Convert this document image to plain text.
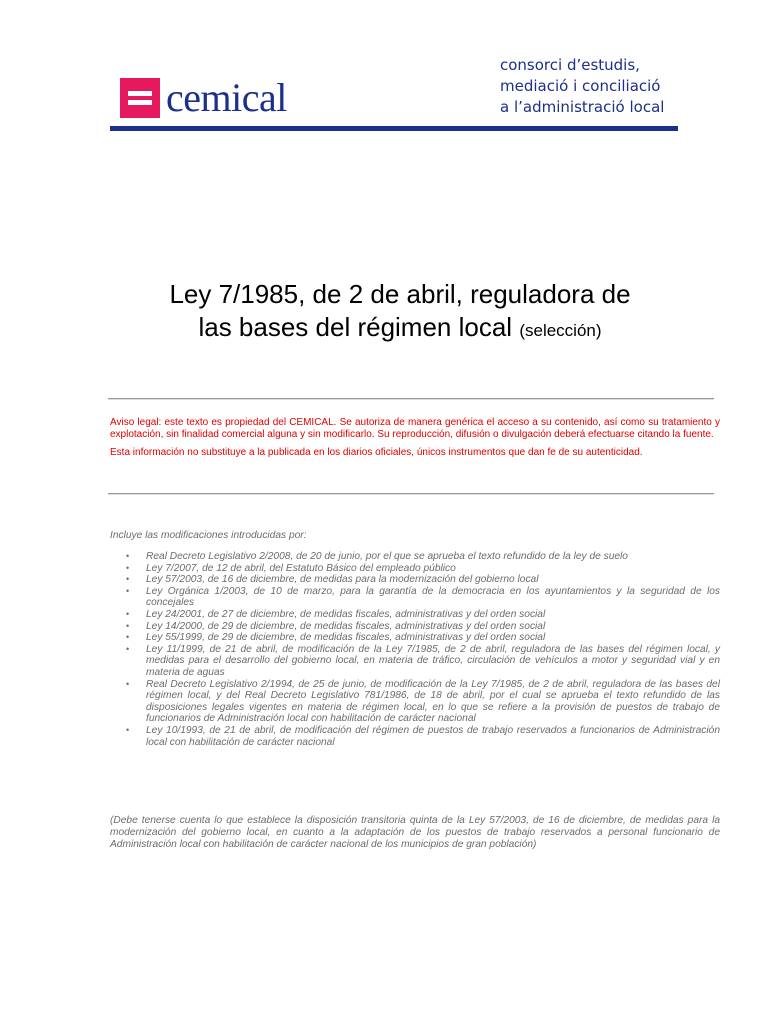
cemical
consorci d’estudis,
mediació i conciliació
a l’administració local
Ley 7/1985, de 2 de abril, reguladora de
las bases del régimen local (selección)

Aviso legal: este texto es propiedad del CEMICAL. Se autoriza de manera genérica el acceso a su contenido, así como su tratamiento y explotación, sin finalidad comercial alguna y sin modificarlo. Su reproducción, difusión o divulgación deberá efectuarse citando la fuente.

Esta información no substituye a la publicada en los diarios oficiales, únicos instrumentos que dan fe de su autenticidad.

Incluye las modificaciones introducidas por:
• Real Decreto Legislativo 2/2008, de 20 de junio, por el que se aprueba el texto refundido de la ley de suelo
• Ley 7/2007, de 12 de abril, del Estatuto Básico del empleado público
• Ley 57/2003, de 16 de diciembre, de medidas para la modernización del gobierno local
• Ley Orgánica 1/2003, de 10 de marzo, para la garantía de la democracia en los ayuntamientos y la seguridad de los concejales
• Ley 24/2001, de 27 de diciembre, de medidas fiscales, administrativas y del orden social
• Ley 14/2000, de 29 de diciembre, de medidas fiscales, administrativas y del orden social
• Ley 55/1999, de 29 de diciembre, de medidas fiscales, administrativas y del orden social
• Ley 11/1999, de 21 de abril, de modificación de la Ley 7/1985, de 2 de abril, reguladora de las bases del régimen local, y medidas para el desarrollo del gobierno local, en materia de tráfico, circulación de vehículos a motor y seguridad vial y en materia de aguas
• Real Decreto Legislativo 2/1994, de 25 de junio, de modificación de la Ley 7/1985, de 2 de abril, reguladora de las bases del régimen local, y del Real Decreto Legislativo 781/1986, de 18 de abril, por el cual se aprueba el texto refundido de las disposiciones legales vigentes en materia de régimen local, en lo que se refiere a la provisión de puestos de trabajo de funcionarios de Administración local con habilitación de carácter nacional
• Ley 10/1993, de 21 de abril, de modificación del régimen de puestos de trabajo reservados a funcionarios de Administración local con habilitación de carácter nacional
(Debe tenerse cuenta lo que establece la disposición transitoria quinta de la Ley 57/2003, de 16 de diciembre, de medidas para la modernización del gobierno local, en cuanto a la adaptación de los puestos de trabajo reservados a personal funcionario de Administración local con habilitación de carácter nacional de los municipios de gran población)
